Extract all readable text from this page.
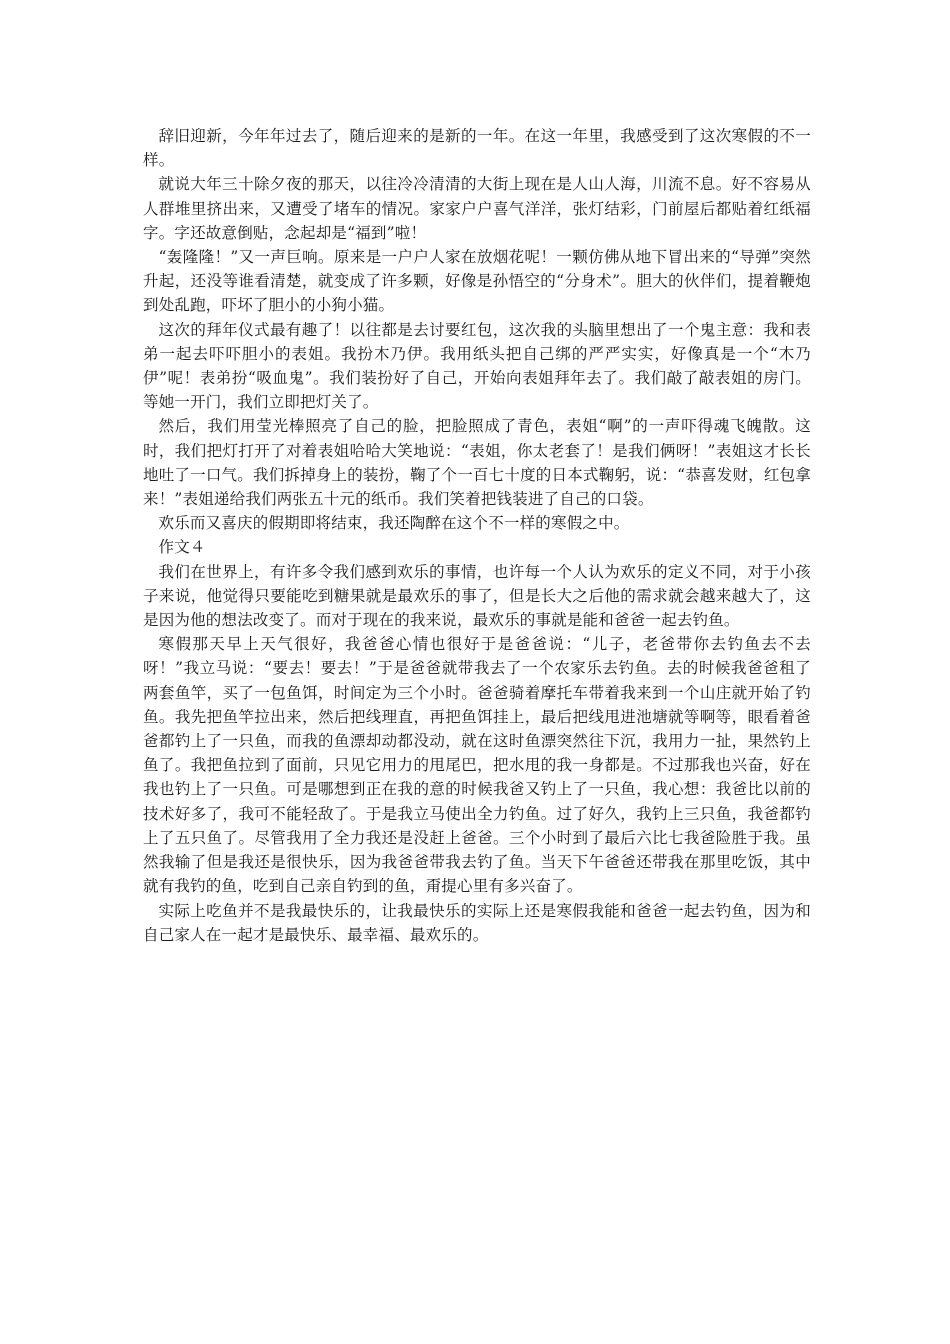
辞旧迎新，今年年过去了，随后迎来的是新的一年。在这一年里，我感受到了这次寒假的不一样。

就说大年三十除夕夜的那天，以往冷冷清清的大街上现在是人山人海，川流不息。好不容易从人群堆里挤出来，又遭受了堵车的情况。家家户户喜气洋洋，张灯结彩，门前屋后都贴着红纸福字。字还故意倒贴，念起却是“福到”啦！

“轰隆隆！”又一声巨响。原来是一户户人家在放烟花呢！一颗仿佛从地下冒出来的“导弹”突然升起，还没等谁看清楚，就变成了许多颗，好像是孙悟空的“分身术”。胆大的伙伴们，提着鞭炮到处乱跑，吓坏了胆小的小狗小猫。

这次的拜年仪式最有趣了！以往都是去讨要红包，这次我的头脑里想出了一个鬼主意：我和表弟一起去吓吓胆小的表姐。我扮木乃伊。我用纸头把自己绑的严严实实，好像真是一个“木乃伊”呢！表弟扮“吸血鬼”。我们装扮好了自己，开始向表姐拜年去了。我们敲了敲表姐的房门。等她一开门，我们立即把灯关了。

然后，我们用莹光棒照亮了自己的脸，把脸照成了青色，表姐“啊”的一声吓得魂飞魄散。这时，我们把灯打开了对着表姐哈哈大笑地说：“表姐，你太老套了！是我们俩呀！”表姐这才长长地吐了一口气。我们拆掉身上的装扮，鞠了个一百七十度的日本式鞠躬，说：“恭喜发财，红包拿来！”表姐递给我们两张五十元的纸币。我们笑着把钱装进了自己的口袋。

欢乐而又喜庆的假期即将结束，我还陶醉在这个不一样的寒假之中。

作文４

我们在世界上，有许多令我们感到欢乐的事情，也许每一个人认为欢乐的定义不同，对于小孩子来说，他觉得只要能吃到糖果就是最欢乐的事了，但是长大之后他的需求就会越来越大了，这是因为他的想法改变了。而对于现在的我来说，最欢乐的事就是能和爸爸一起去钓鱼。

寒假那天早上天气很好，我爸爸心情也很好于是爸爸说：“儿子，老爸带你去钓鱼去不去呀！”我立马说：“要去！要去！”于是爸爸就带我去了一个农家乐去钓鱼。去的时候我爸爸租了两套鱼竿，买了一包鱼饵，时间定为三个小时。爸爸骑着摩托车带着我来到一个山庄就开始了钓鱼。我先把鱼竿拉出来，然后把线理直，再把鱼饵挂上，最后把线甩进池塘就等啊等，眼看着爸爸都钓上了一只鱼，而我的鱼漂却动都没动，就在这时鱼漂突然往下沉，我用力一扯，果然钓上鱼了。我把鱼拉到了面前，只见它用力的甩尾巴，把水甩的我一身都是。不过那我也兴奋，好在我也钓上了一只鱼。可是哪想到正在我的意的时候我爸又钓上了一只鱼，我心想：我爸比以前的技术好多了，我可不能轻敌了。于是我立马使出全力钓鱼。过了好久，我钓上三只鱼，我爸都钓上了五只鱼了。尽管我用了全力我还是没赶上爸爸。三个小时到了最后六比七我爸险胜于我。虽然我输了但是我还是很快乐，因为我爸爸带我去钓了鱼。当天下午爸爸还带我在那里吃饭，其中就有我钓的鱼，吃到自己亲自钓到的鱼，甭提心里有多兴奋了。

实际上吃鱼并不是我最快乐的，让我最快乐的实际上还是寒假我能和爸爸一起去钓鱼，因为和自己家人在一起才是最快乐、最幸福、最欢乐的。
